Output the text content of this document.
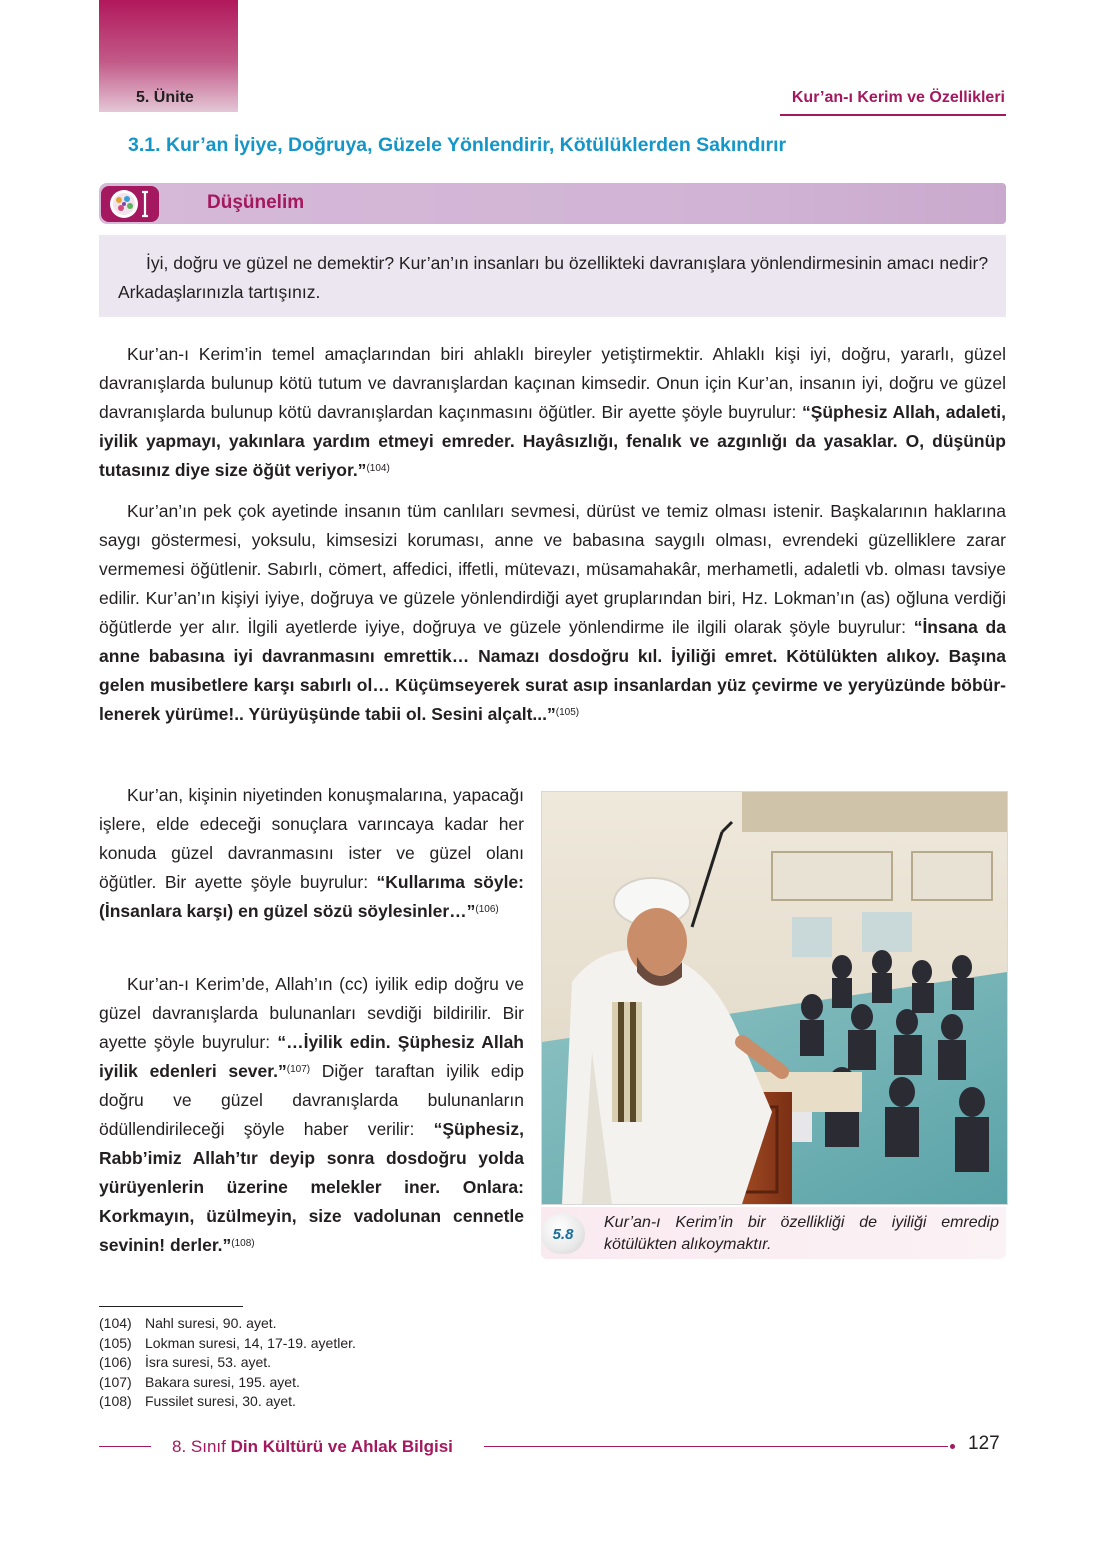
5. Ünite	Kur’an-ı Kerim ve Özellikleri
3.1. Kur’an İyiye, Doğruya, Güzele Yönlendirir, Kötülüklerden Sakındırır
Düşünelim
İyi, doğru ve güzel ne demektir? Kur’an’ın insanları bu özellikteki davranışlara yönlendirmesinin amacı nedir? Arkadaşlarınızla tartışınız.

Kur’an-ı Kerim’in temel amaçlarından biri ahlaklı bireyler yetiştirmektir. Ahlaklı kişi iyi, doğru, yararlı, güzel davranışlarda bulunup kötü tutum ve davranışlardan kaçınan kimsedir. Onun için Kur’an, insanın iyi, doğru ve güzel davranışlarda bulunup kötü davranışlardan kaçınmasını öğütler. Bir ayette şöyle buyrulur: “Şüphesiz Allah, adaleti, iyilik yapmayı, yakınlara yardım etmeyi emreder. Hayâsızlığı, fenalık ve azgınlığı da yasaklar. O, düşünüp tutasınız diye size öğüt veriyor.”$^{(104)}$

Kur’an’ın pek çok ayetinde insanın tüm canlıları sevmesi, dürüst ve temiz olması istenir. Başkalarının haklarına saygı göstermesi, yoksulu, kimsesizi koruması, anne ve babasına saygılı olması, evrendeki güzelliklere zarar vermemesi öğütlenir. Sabırlı, cömert, affedici, iffetli, mütevazı, müsamahakâr, merhametli, adaletli vb. olması tavsiye edilir. Kur’an’ın kişiyi iyiye, doğruya ve güzele yönlendirdiği ayet gruplarından biri, Hz. Lokman’ın (as) oğluna verdiği öğütlerde yer alır. İlgili ayetlerde iyiye, doğruya ve güzele yönlendirme ile ilgili olarak şöyle buyrulur: “İnsana da anne babasına iyi davranmasını emrettik… Namazı dosdoğru kıl. İyiliği emret. Kötülükten alıkoy. Başına gelen musibetlere karşı sabırlı ol… Küçümseyerek surat asıp insanlardan yüz çevirme ve yeryüzünde böbür-lenerek yürüme!.. Yürüyüşünde tabii ol. Sesini alçalt...”$^{(105)}$

Kur’an, kişinin niyetinden konuşmalarına, yapacağı işlere, elde edeceği sonuçlara varıncaya kadar her konuda güzel davranmasını ister ve güzel olanı öğütler. Bir ayette şöyle buyrulur: “Kullarıma söyle: (İnsanlara karşı) en güzel sözü söylesinler…”$^{(106)}$

Kur’an-ı Kerim’de, Allah’ın (cc) iyilik edip doğru ve güzel davranışlarda bulunanları sevdiği bildirilir. Bir ayette şöyle buyrulur: “…İyilik edin. Şüphesiz Allah iyilik edenleri sever.”$^{(107)}$ Diğer taraftan iyilik edip doğru ve güzel davranışlarda bulunanların ödüllendirileceği şöyle haber verilir: “Şüphesiz, Rabb’imiz Allah’tır deyip sonra dosdoğru yolda yürüyenlerin üzerine melekler iner. Onlara: Korkmayın, üzülmeyin, size vadolunan cennetle sevinin! derler.”$^{(108)}$

5.8
Kur’an-ı Kerim’in bir özellikliği de iyiliği emredip kötülükten alıkoymaktır.
(104) Nahl suresi, 90. ayet.
(105) Lokman suresi, 14, 17-19. ayetler.
(106) İsra suresi, 53. ayet.
(107) Bakara suresi, 195. ayet.
(108) Fussilet suresi, 30. ayet.
8. Sınıf Din Kültürü ve Ahlak Bilgisi	127
